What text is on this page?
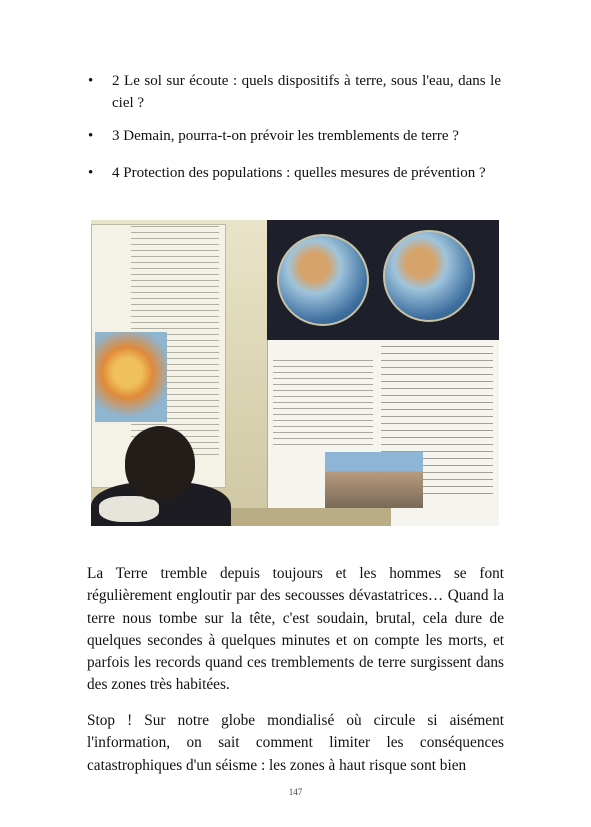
• 2 Le sol sur écoute : quels dispositifs à terre, sous l'eau, dans le ciel ?
• 3 Demain, pourra-t-on prévoir les tremblements de terre ?
• 4 Protection des populations : quelles mesures de prévention ?
La Terre tremble depuis toujours et les hommes se font régulièrement engloutir par des secousses dévastatrices… Quand la terre nous tombe sur la tête, c'est soudain, brutal, cela dure de quelques secondes à quelques minutes et on compte les morts, et parfois les records quand ces tremblements de terre surgissent dans des zones très habitées.
Stop ! Sur notre globe mondialisé où circule si aisément l'information, on sait comment limiter les conséquences catastrophiques d'un séisme : les zones à haut risque sont bien
147
